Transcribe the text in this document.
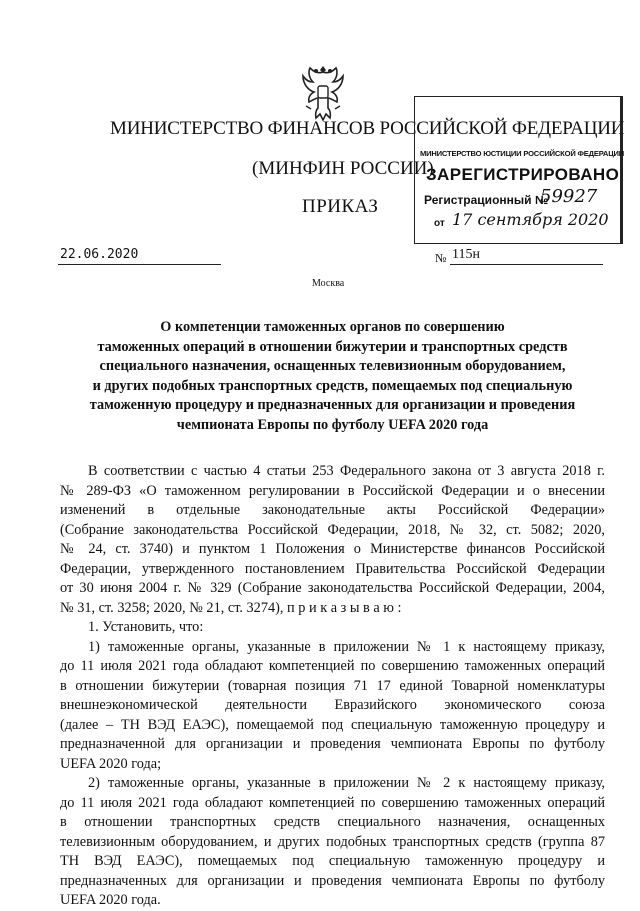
МИНИСТЕРСТВО ФИНАНСОВ РОССИЙСКОЙ ФЕДЕРАЦИИ
(МИНФИН РОССИИ)
ПРИКАЗ
МИНИСТЕРСТВО ЮСТИЦИИ РОССИЙСКОЙ ФЕДЕРАЦИИ
ЗАРЕГИСТРИРОВАНО
Регистрационный №
59927
от 17 сентября 2020
22.06.2020	№ 115н
Москва
О компетенции таможенных органов по совершению
таможенных операций в отношении бижутерии и транспортных средств
специального назначения, оснащенных телевизионным оборудованием,
и других подобных транспортных средств, помещаемых под специальную
таможенную процедуру и предназначенных для организации и проведения
чемпионата Европы по футболу UEFA 2020 года
В соответствии с частью 4 статьи 253 Федерального закона от 3 августа 2018 г.
№ 289-ФЗ «О таможенном регулировании в Российской Федерации и о внесении
изменений в отдельные законодательные акты Российской Федерации»
(Собрание законодательства Российской Федерации, 2018, № 32, ст. 5082; 2020,
№ 24, ст. 3740) и пунктом 1 Положения о Министерстве финансов Российской
Федерации, утвержденного постановлением Правительства Российской Федерации
от 30 июня 2004 г. № 329 (Собрание законодательства Российской Федерации, 2004,
№ 31, ст. 3258; 2020, № 21, ст. 3274), п р и к а з ы в а ю :
1. Установить, что:
1) таможенные органы, указанные в приложении № 1 к настоящему приказу,
до 11 июля 2021 года обладают компетенцией по совершению таможенных операций
в отношении бижутерии (товарная позиция 71 17 единой Товарной номенклатуры
внешнеэкономической деятельности Евразийского экономического союза
(далее – ТН ВЭД ЕАЭС), помещаемой под специальную таможенную процедуру и
предназначенной для организации и проведения чемпионата Европы по футболу
UEFA 2020 года;
2) таможенные органы, указанные в приложении № 2 к настоящему приказу,
до 11 июля 2021 года обладают компетенцией по совершению таможенных операций
в отношении транспортных средств специального назначения, оснащенных
телевизионным оборудованием, и других подобных транспортных средств (группа 87
ТН ВЭД ЕАЭС), помещаемых под специальную таможенную процедуру и
предназначенных для организации и проведения чемпионата Европы по футболу
UEFA 2020 года.
